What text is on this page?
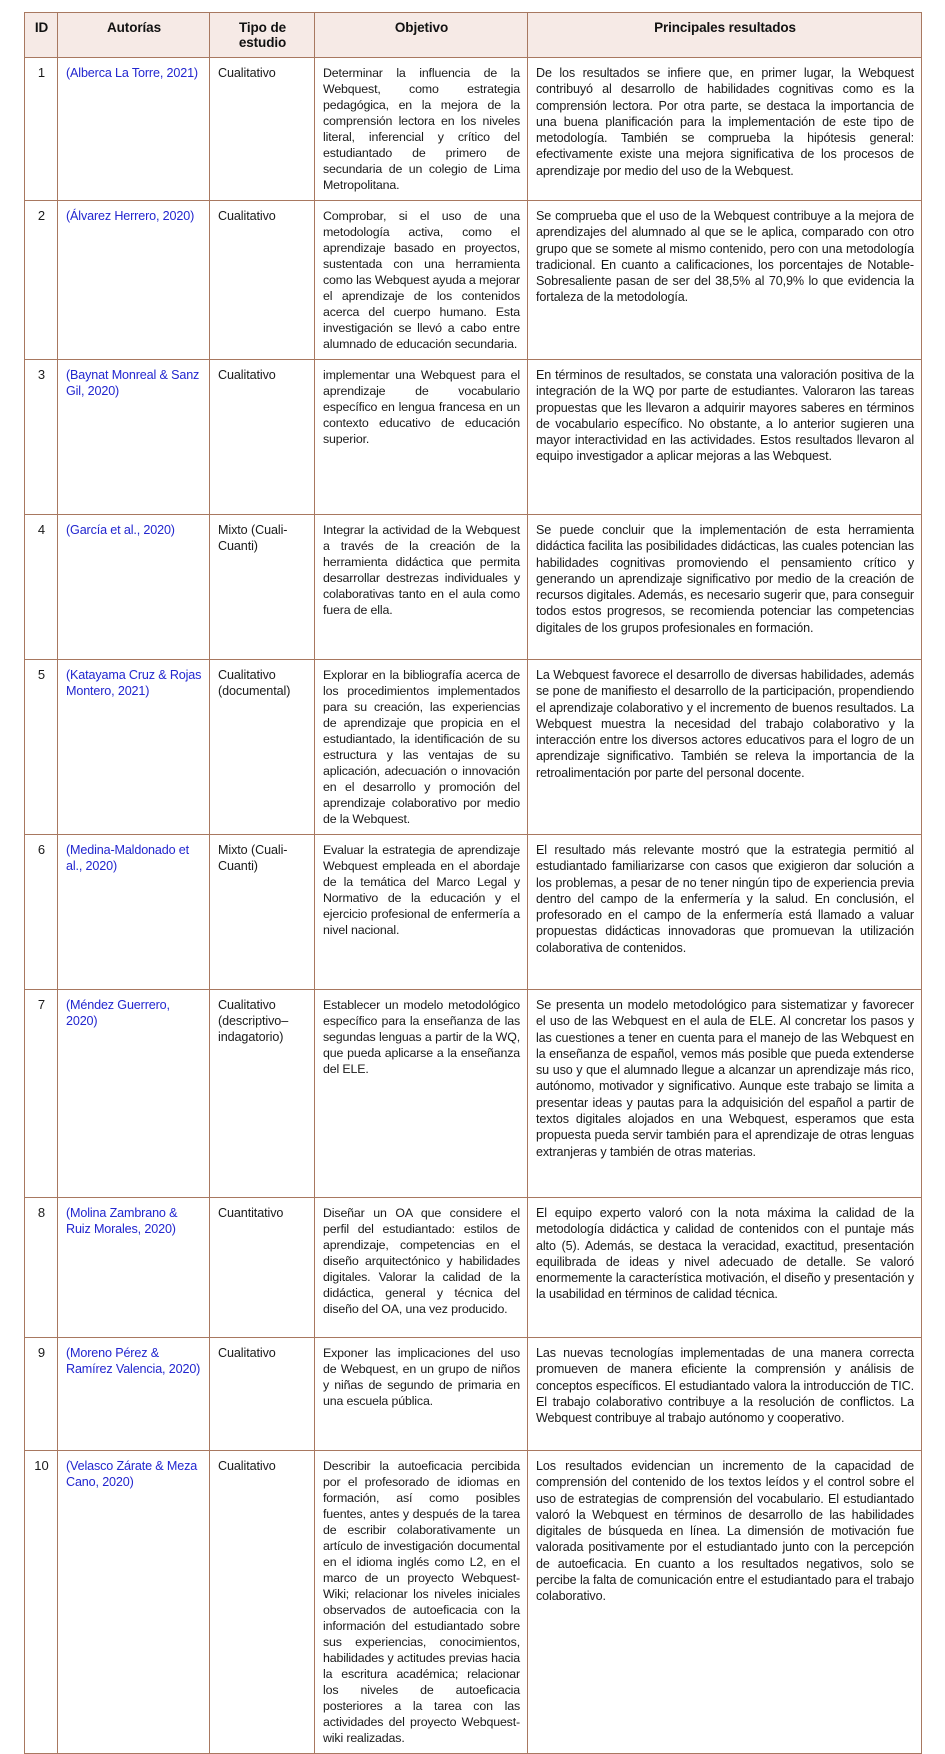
ID	Autorías	Tipo de estudio	Objetivo	Principales resultados
1	(Alberca La Torre, 2021)	Cualitativo	Determinar la influencia de la Webquest, como estrategia pedagógica, en la mejora de la comprensión lectora en los niveles literal, inferencial y crítico del estudiantado de primero de secundaria de un colegio de Lima Metropolitana.	De los resultados se infiere que, en primer lugar, la Webquest contribuyó al desarrollo de habilidades cognitivas como es la comprensión lectora. Por otra parte, se destaca la importancia de una buena planificación para la implementación de este tipo de metodología. También se comprueba la hipótesis general: efectivamente existe una mejora significativa de los procesos de aprendizaje por medio del uso de la Webquest.
2	(Álvarez Herrero, 2020)	Cualitativo	Comprobar, si el uso de una metodología activa, como el aprendizaje basado en proyectos, sustentada con una herramienta como las Webquest ayuda a mejorar el aprendizaje de los contenidos acerca del cuerpo humano. Esta investigación se llevó a cabo entre alumnado de educación secundaria.	Se comprueba que el uso de la Webquest contribuye a la mejora de aprendizajes del alumnado al que se le aplica, comparado con otro grupo que se somete al mismo contenido, pero con una metodología tradicional. En cuanto a calificaciones, los porcentajes de Notable-Sobresaliente pasan de ser del 38,5% al 70,9% lo que evidencia la fortaleza de la metodología.
3	(Baynat Monreal & Sanz Gil, 2020)	Cualitativo	implementar una Webquest para el aprendizaje de vocabulario específico en lengua francesa en un contexto educativo de educación superior.	En términos de resultados, se constata una valoración positiva de la integración de la WQ por parte de estudiantes. Valoraron las tareas propuestas que les llevaron a adquirir mayores saberes en términos de vocabulario específico. No obstante, a lo anterior sugieren una mayor interactividad en las actividades. Estos resultados llevaron al equipo investigador a aplicar mejoras a las Webquest.
4	(García et al., 2020)	Mixto (Cuali-Cuanti)	Integrar la actividad de la Webquest a través de la creación de la herramienta didáctica que permita desarrollar destrezas individuales y colaborativas tanto en el aula como fuera de ella.	Se puede concluir que la implementación de esta herramienta didáctica facilita las posibilidades didácticas, las cuales potencian las habilidades cognitivas promoviendo el pensamiento crítico y generando un aprendizaje significativo por medio de la creación de recursos digitales. Además, es necesario sugerir que, para conseguir todos estos progresos, se recomienda potenciar las competencias digitales de los grupos profesionales en formación.
5	(Katayama Cruz & Rojas Montero, 2021)	Cualitativo (documental)	Explorar en la bibliografía acerca de los procedimientos implementados para su creación, las experiencias de aprendizaje que propicia en el estudiantado, la identificación de su estructura y las ventajas de su aplicación, adecuación o innovación en el desarrollo y promoción del aprendizaje colaborativo por medio de la Webquest.	La Webquest favorece el desarrollo de diversas habilidades, además se pone de manifiesto el desarrollo de la participación, propendiendo el aprendizaje colaborativo y el incremento de buenos resultados. La Webquest muestra la necesidad del trabajo colaborativo y la interacción entre los diversos actores educativos para el logro de un aprendizaje significativo. También se releva la importancia de la retroalimentación por parte del personal docente.
6	(Medina-Maldonado et al., 2020)	Mixto (Cuali-Cuanti)	Evaluar la estrategia de aprendizaje Webquest empleada en el abordaje de la temática del Marco Legal y Normativo de la educación y el ejercicio profesional de enfermería a nivel nacional.	El resultado más relevante mostró que la estrategia permitió al estudiantado familiarizarse con casos que exigieron dar solución a los problemas, a pesar de no tener ningún tipo de experiencia previa dentro del campo de la enfermería y la salud. En conclusión, el profesorado en el campo de la enfermería está llamado a valuar propuestas didácticas innovadoras que promuevan la utilización colaborativa de contenidos.
7	(Méndez Guerrero, 2020)	Cualitativo (descriptivo–indagatorio)	Establecer un modelo metodológico específico para la enseñanza de las segundas lenguas a partir de la WQ, que pueda aplicarse a la enseñanza del ELE.	Se presenta un modelo metodológico para sistematizar y favorecer el uso de las Webquest en el aula de ELE. Al concretar los pasos y las cuestiones a tener en cuenta para el manejo de las Webquest en la enseñanza de español, vemos más posible que pueda extenderse su uso y que el alumnado llegue a alcanzar un aprendizaje más rico, autónomo, motivador y significativo. Aunque este trabajo se limita a presentar ideas y pautas para la adquisición del español a partir de textos digitales alojados en una Webquest, esperamos que esta propuesta pueda servir también para el aprendizaje de otras lenguas extranjeras y también de otras materias.
8	(Molina Zambrano & Ruiz Morales, 2020)	Cuantitativo	Diseñar un OA que considere el perfil del estudiantado: estilos de aprendizaje, competencias en el diseño arquitectónico y habilidades digitales. Valorar la calidad de la didáctica, general y técnica del diseño del OA, una vez producido.	El equipo experto valoró con la nota máxima la calidad de la metodología didáctica y calidad de contenidos con el puntaje más alto (5). Además, se destaca la veracidad, exactitud, presentación equilibrada de ideas y nivel adecuado de detalle. Se valoró enormemente la característica motivación, el diseño y presentación y la usabilidad en términos de calidad técnica.
9	(Moreno Pérez & Ramírez Valencia, 2020)	Cualitativo	Exponer las implicaciones del uso de Webquest, en un grupo de niños y niñas de segundo de primaria en una escuela pública.	Las nuevas tecnologías implementadas de una manera correcta promueven de manera eficiente la comprensión y análisis de conceptos específicos. El estudiantado valora la introducción de TIC. El trabajo colaborativo contribuye a la resolución de conflictos. La Webquest contribuye al trabajo autónomo y cooperativo.
10	(Velasco Zárate & Meza Cano, 2020)	Cualitativo	Describir la autoeficacia percibida por el profesorado de idiomas en formación, así como posibles fuentes, antes y después de la tarea de escribir colaborativamente un artículo de investigación documental en el idioma inglés como L2, en el marco de un proyecto Webquest-Wiki; relacionar los niveles iniciales observados de autoeficacia con la información del estudiantado sobre sus experiencias, conocimientos, habilidades y actitudes previas hacia la escritura académica; relacionar los niveles de autoeficacia posteriores a la tarea con las actividades del proyecto Webquest-wiki realizadas.	Los resultados evidencian un incremento de la capacidad de comprensión del contenido de los textos leídos y el control sobre el uso de estrategias de comprensión del vocabulario. El estudiantado valoró la Webquest en términos de desarrollo de las habilidades digitales de búsqueda en línea. La dimensión de motivación fue valorada positivamente por el estudiantado junto con la percepción de autoeficacia. En cuanto a los resultados negativos, solo se percibe la falta de comunicación entre el estudiantado para el trabajo colaborativo.
